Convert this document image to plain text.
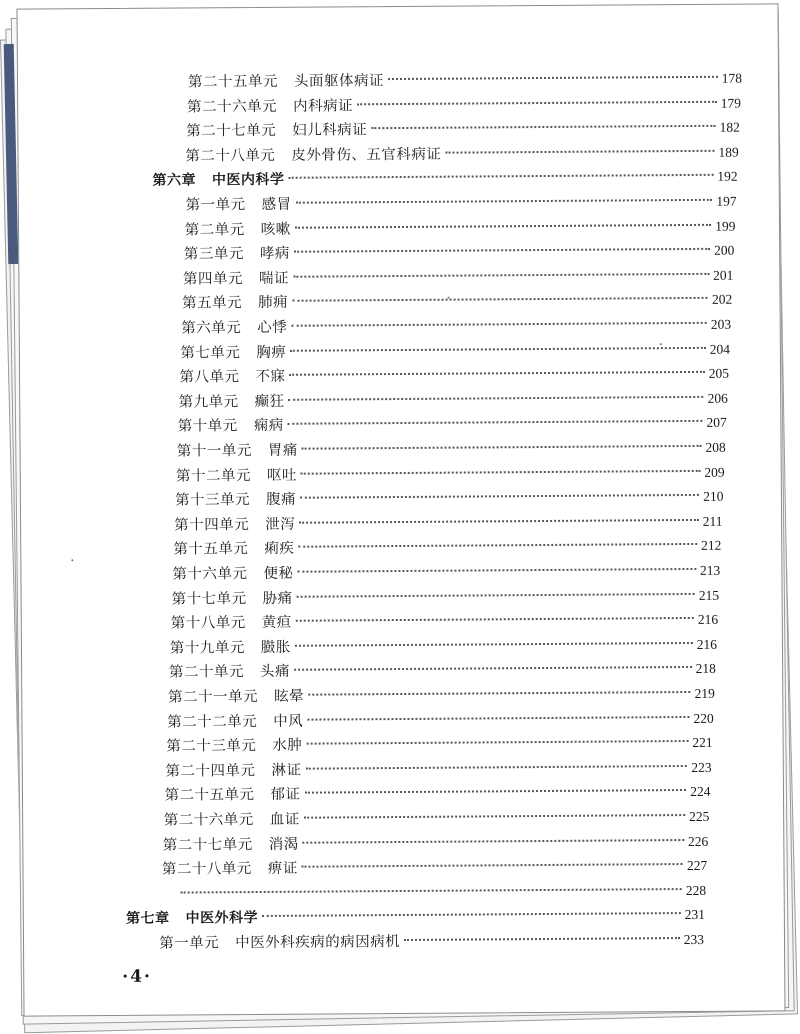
第二十五单元 头面躯体病证	178
第二十六单元 内科病证	179
第二十七单元 妇儿科病证	182
第二十八单元 皮外骨伤、五官科病证	189
第六章 中医内科学	192
第一单元 感冒	197
第二单元 咳嗽	199
第三单元 哮病	200
第四单元 喘证	201
第五单元 肺痈	202
第六单元 心悸	203
第七单元 胸痹	204
第八单元 不寐	205
第九单元 癫狂	206
第十单元 痫病	207
第十一单元 胃痛	208
第十二单元 呕吐	209
第十三单元 腹痛	210
第十四单元 泄泻	211
第十五单元 痢疾	212
第十六单元 便秘	213
第十七单元 胁痛	215
第十八单元 黄疸	216
第十九单元 臌胀	216
第二十单元 头痛	218
第二十一单元 眩晕	219
第二十二单元 中风	220
第二十三单元 水肿	221
第二十四单元 淋证	223
第二十五单元 郁证	224
第二十六单元 血证	225
第二十七单元 消渴	226
第二十八单元 痹证	227
228
第七章 中医外科学	231
第一单元 中医外科疾病的病因病机	233
·4·
